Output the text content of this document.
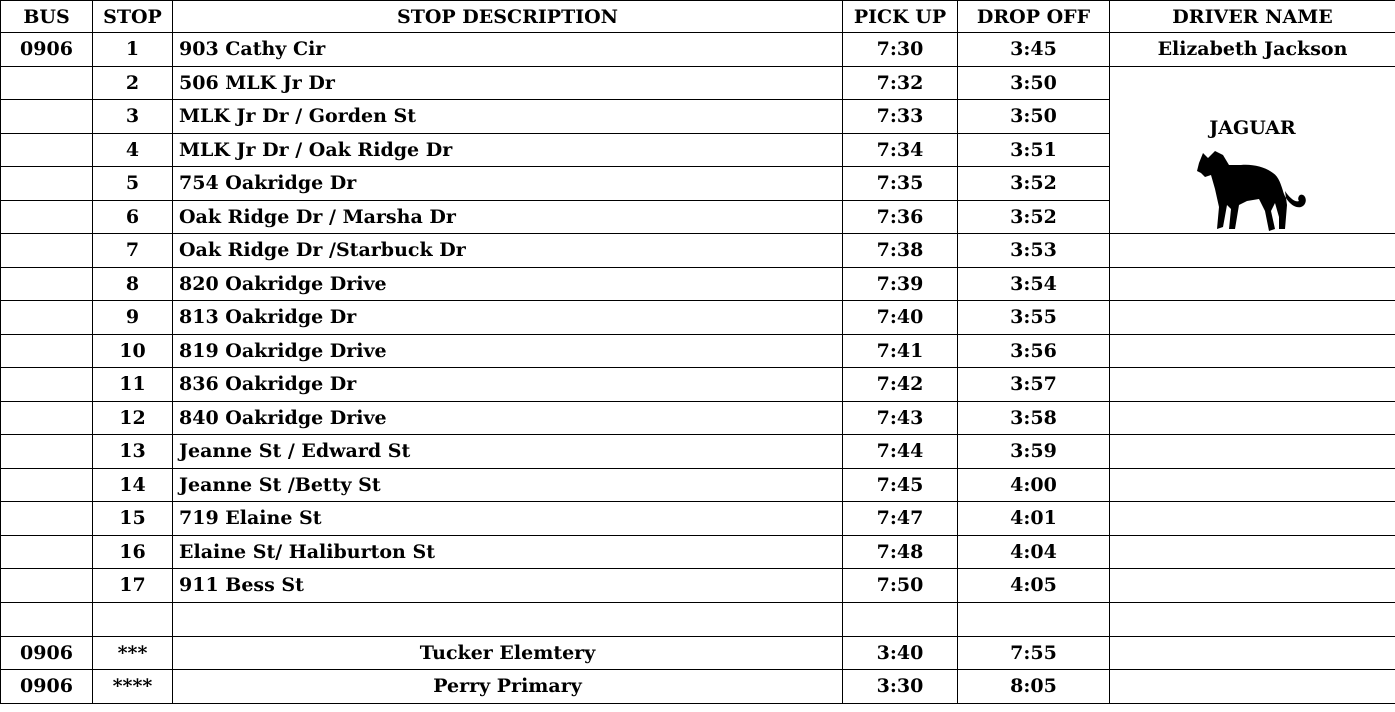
BUS	STOP	STOP DESCRIPTION	PICK UP	DROP OFF	DRIVER NAME
0906	1	903 Cathy Cir	7:30	3:45	Elizabeth Jackson
	2	506 MLK Jr Dr	7:32	3:50	JAGUAR

	3	MLK Jr Dr / Gorden St	7:33	3:50	
	4	MLK Jr Dr / Oak Ridge Dr	7:34	3:51	
	5	754 Oakridge Dr	7:35	3:52	
	6	Oak Ridge Dr / Marsha Dr	7:36	3:52	
	7	Oak Ridge Dr /Starbuck Dr	7:38	3:53	
	8	820 Oakridge Drive	7:39	3:54	
	9	813 Oakridge Dr	7:40	3:55	
	10	819 Oakridge Drive	7:41	3:56	
	11	836 Oakridge Dr	7:42	3:57	
	12	840 Oakridge Drive	7:43	3:58	
	13	Jeanne St / Edward St	7:44	3:59	
	14	Jeanne St /Betty St	7:45	4:00	
	15	719 Elaine St	7:47	4:01	
	16	Elaine St/ Haliburton St	7:48	4:04	
	17	911 Bess St	7:50	4:05	

0906	***	Tucker Elemtery	3:40	7:55	
0906	****	Perry Primary	3:30	8:05	
